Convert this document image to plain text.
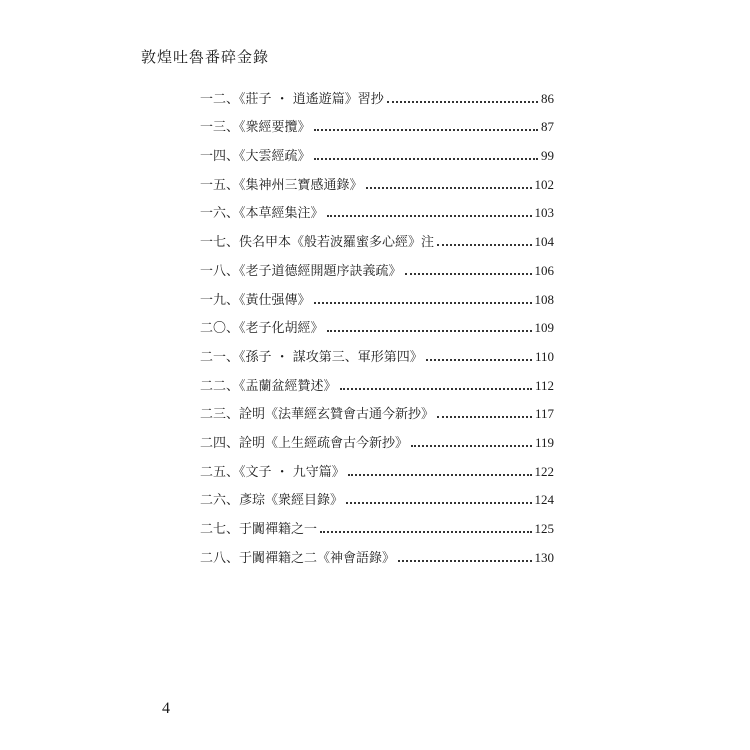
敦煌吐魯番碎金錄
一二、《莊子 ・ 逍遙遊篇》習抄	86
一三、《衆經要攬》	87
一四、《大雲經疏》	99
一五、《集神州三寶感通錄》	102
一六、《本草經集注》	103
一七、佚名甲本《般若波羅蜜多心經》注	104
一八、《老子道德經開題序訣義疏》	106
一九、《黃仕强傳》	108
二〇、《老子化胡經》	109
二一、《孫子 ・ 謀攻第三、軍形第四》	110
二二、《盂蘭盆經贊述》	112
二三、詮明《法華經玄贊會古通今新抄》	117
二四、詮明《上生經疏會古今新抄》	119
二五、《文子 ・ 九守篇》	122
二六、彥琮《衆經目錄》	124
二七、于闐禪籍之一	125
二八、于闐禪籍之二《神會語錄》	130
4
